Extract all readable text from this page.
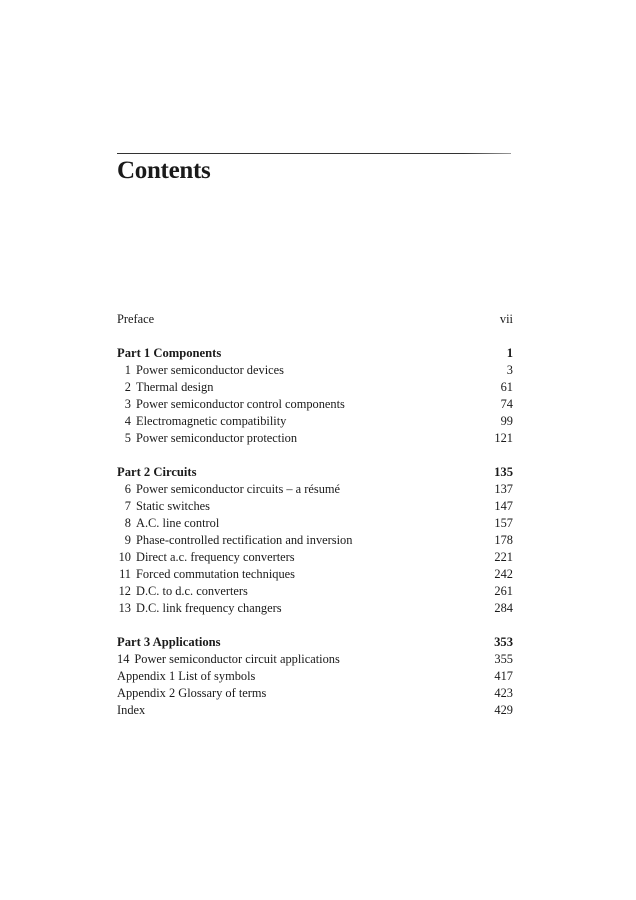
Contents
Preface	vii
Part 1 Components	1
1 Power semiconductor devices	3
2 Thermal design	61
3 Power semiconductor control components	74
4 Electromagnetic compatibility	99
5 Power semiconductor protection	121
Part 2 Circuits	135
6 Power semiconductor circuits – a résumé	137
7 Static switches	147
8 A.C. line control	157
9 Phase-controlled rectification and inversion	178
10 Direct a.c. frequency converters	221
11 Forced commutation techniques	242
12 D.C. to d.c. converters	261
13 D.C. link frequency changers	284
Part 3 Applications	353
14 Power semiconductor circuit applications	355
Appendix 1 List of symbols	417
Appendix 2 Glossary of terms	423
Index	429
